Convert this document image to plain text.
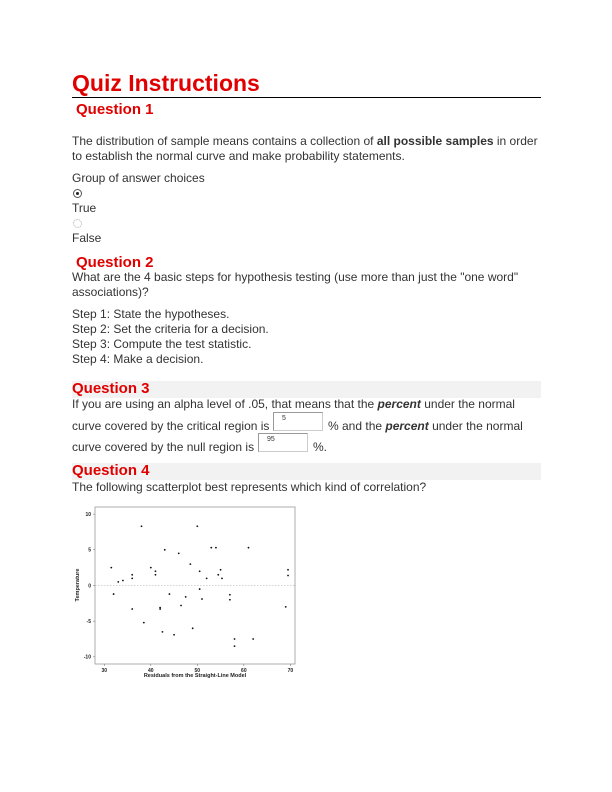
Quiz Instructions
Question 1
The distribution of sample means contains a collection of all possible samples in order
to establish the normal curve and make probability statements.
Group of answer choices
True
False
Question 2
What are the 4 basic steps for hypothesis testing (use more than just the "one word"
associations)?
Step 1: State the hypotheses.
Step 2: Set the criteria for a decision.
Step 3: Compute the test statistic.
Step 4: Make a decision.
Question 3
If you are using an alpha level of .05, that means that the percent under the normal
curve covered by the critical region is
5
% and the percent under the normal
curve covered by the null region is
95
%.
Question 4
The following scatterplot best represents which kind of correlation?
30	40	50	60	70
10
5
0
-5
-10
Residuals from the Straight-Line Model
Temperature
